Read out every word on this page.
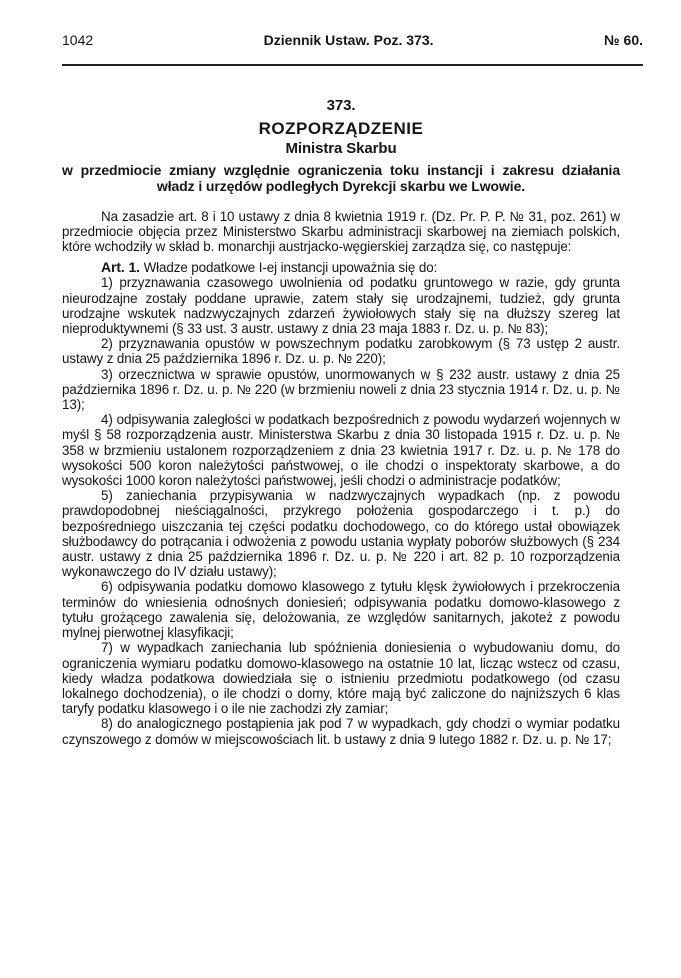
1042	Dziennik Ustaw. Poz. 373.	№ 60.
373.
ROZPORZĄDZENIE
Ministra Skarbu
w przedmiocie zmiany względnie ograniczenia toku instancji i zakresu działania władz i urzędów podległych Dyrekcji skarbu we Lwowie.

Na zasadzie art. 8 i 10 ustawy z dnia 8 kwietnia 1919 r. (Dz. Pr. P. P. № 31, poz. 261) w przedmiocie objęcia przez Ministerstwo Skarbu administracji skarbowej na ziemiach polskich, które wchodziły w skład b. monarchji austrjacko-węgierskiej zarządza się, co następuje:

Art. 1. Władze podatkowe I-ej instancji upoważnia się do:

1) przyznawania czasowego uwolnienia od podatku gruntowego w razie, gdy grunta nieurodzajne zostały poddane uprawie, zatem stały się urodzajnemi, tudzież, gdy grunta urodzajne wskutek nadzwyczajnych zdarzeń żywiołowych stały się na dłuższy szereg lat nieproduktywnemi (§ 33 ust. 3 austr. ustawy z dnia 23 maja 1883 r. Dz. u. p. № 83);

2) przyznawania opustów w powszechnym podatku zarobkowym (§ 73 ustęp 2 austr. ustawy z dnia 25 października 1896 r. Dz. u. p. № 220);

3) orzecznictwa w sprawie opustów, unormowanych w § 232 austr. ustawy z dnia 25 października 1896 r. Dz. u. p. № 220 (w brzmieniu noweli z dnia 23 stycznia 1914 r. Dz. u. p. № 13);

4) odpisywania zaległości w podatkach bezpośrednich z powodu wydarzeń wojennych w myśl § 58 rozporządzenia austr. Ministerstwa Skarbu z dnia 30 listopada 1915 r. Dz. u. p. № 358 w brzmieniu ustalonem rozporządzeniem z dnia 23 kwietnia 1917 r. Dz. u. p. № 178 do wysokości 500 koron należytości państwowej, o ile chodzi o inspektoraty skarbowe, a do wysokości 1000 koron należytości państwowej, jeśli chodzi o administracje podatków;

5) zaniechania przypisywania w nadzwyczajnych wypadkach (np. z powodu prawdopodobnej nieściągalności, przykrego położenia gospodarczego i t. p.) do bezpośredniego uiszczania tej części podatku dochodowego, co do którego ustał obowiązek służbodawcy do potrącania i odwożenia z powodu ustania wypłaty poborów służbowych (§ 234 austr. ustawy z dnia 25 października 1896 r. Dz. u. p. № 220 i art. 82 p. 10 rozporządzenia wykonawczego do IV działu ustawy);

6) odpisywania podatku domowo klasowego z tytułu klęsk żywiołowych i przekroczenia terminów do wniesienia odnośnych doniesień; odpisywania podatku domowo-klasowego z tytułu grożącego zawalenia się, delożowania, ze względów sanitarnych, jakoteż z powodu mylnej pierwotnej klasyfikacji;

7) w wypadkach zaniechania lub spóźnienia doniesienia o wybudowaniu domu, do ograniczenia wymiaru podatku domowo-klasowego na ostatnie 10 lat, licząc wstecz od czasu, kiedy władza podatkowa dowiedziała się o istnieniu przedmiotu podatkowego (od czasu lokalnego dochodzenia), o ile chodzi o domy, które mają być zaliczone do najniższych 6 klas taryfy podatku klasowego i o ile nie zachodzi zły zamiar;

8) do analogicznego postąpienia jak pod 7 w wypadkach, gdy chodzi o wymiar podatku czynszowego z domów w miejscowościach lit. b ustawy z dnia 9 lutego 1882 r. Dz. u. p. № 17;
